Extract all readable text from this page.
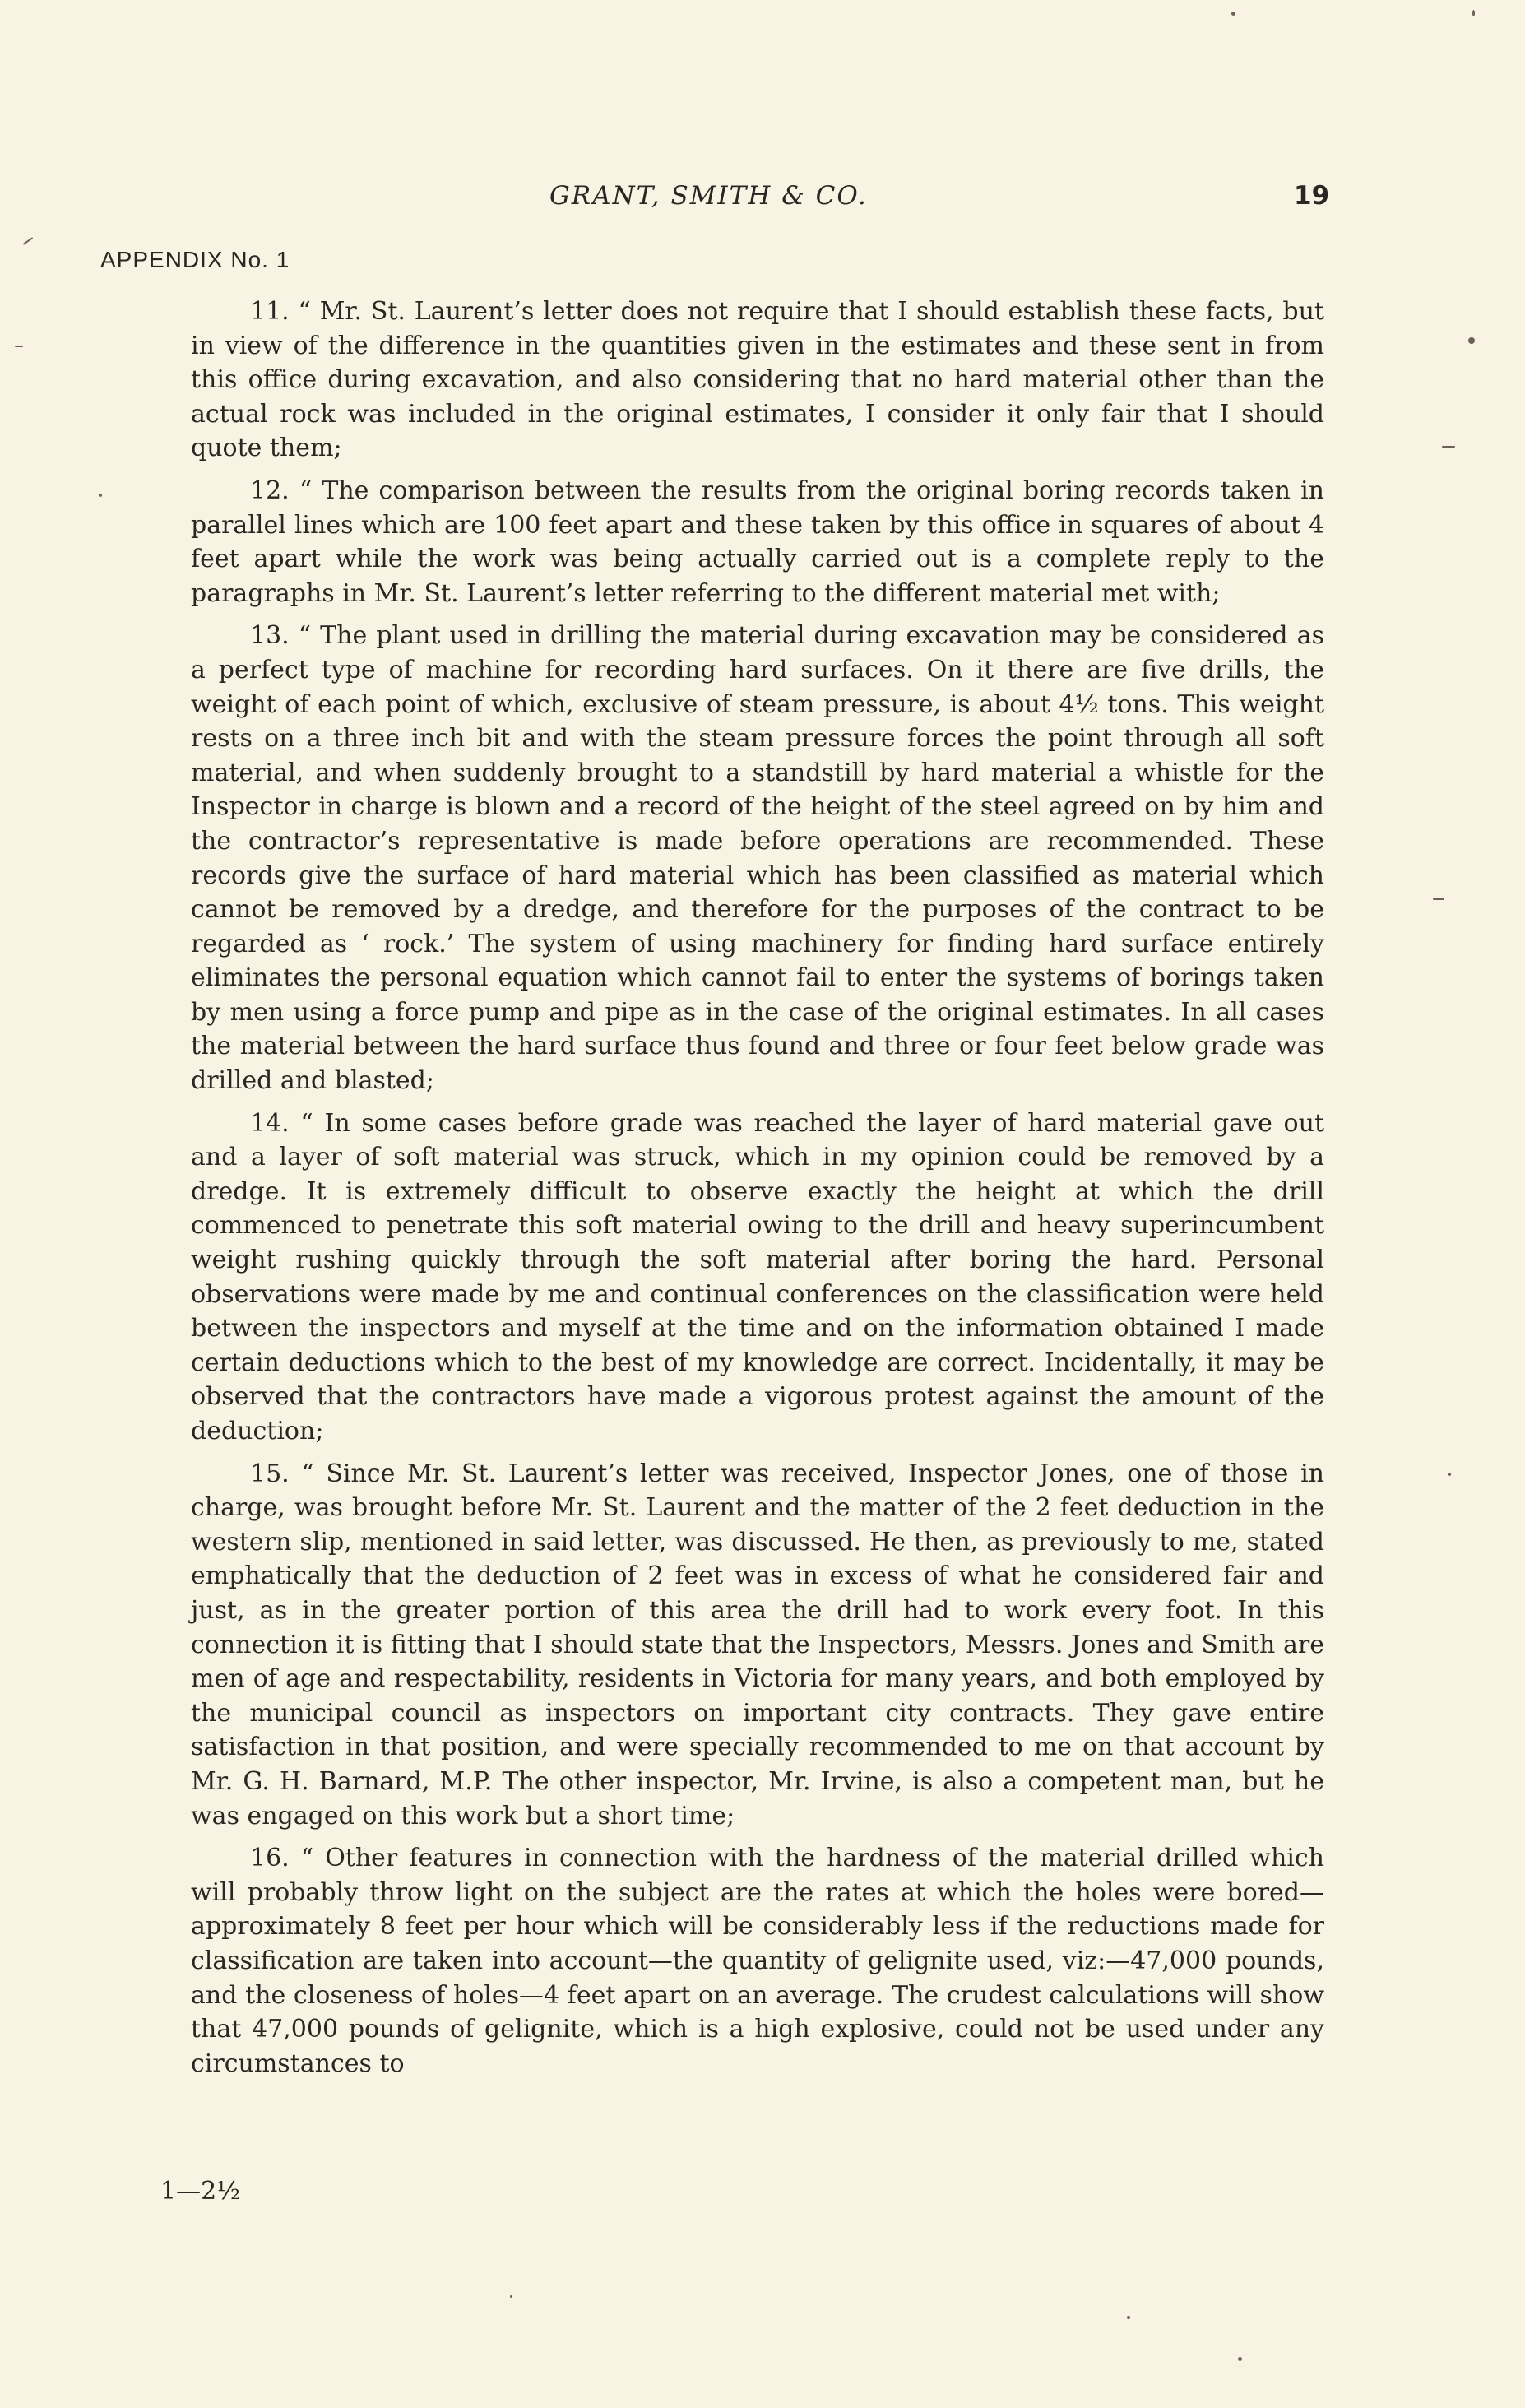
GRANT, SMITH & CO.	19
APPENDIX No. 1

11. “ Mr. St. Laurent’s letter does not require that I should establish these facts, but in view of the difference in the quantities given in the estimates and these sent in from this office during excavation, and also considering that no hard material other than the actual rock was included in the original estimates, I consider it only fair that I should quote them;

12. “ The comparison between the results from the original boring records taken in parallel lines which are 100 feet apart and these taken by this office in squares of about 4 feet apart while the work was being actually carried out is a complete reply to the paragraphs in Mr. St. Laurent’s letter referring to the different material met with;

13. “ The plant used in drilling the material during excavation may be considered as a perfect type of machine for recording hard surfaces. On it there are five drills, the weight of each point of which, exclusive of steam pressure, is about 4½ tons. This weight rests on a three inch bit and with the steam pressure forces the point through all soft material, and when suddenly brought to a standstill by hard material a whistle for the Inspector in charge is blown and a record of the height of the steel agreed on by him and the contractor’s representative is made before operations are recommended. These records give the surface of hard material which has been classified as material which cannot be removed by a dredge, and therefore for the purposes of the contract to be regarded as ‘ rock.’ The system of using machinery for finding hard surface entirely eliminates the personal equation which cannot fail to enter the systems of borings taken by men using a force pump and pipe as in the case of the original estimates. In all cases the material between the hard surface thus found and three or four feet below grade was drilled and blasted;

14. “ In some cases before grade was reached the layer of hard material gave out and a layer of soft material was struck, which in my opinion could be removed by a dredge. It is extremely difficult to observe exactly the height at which the drill commenced to penetrate this soft material owing to the drill and heavy superincumbent weight rushing quickly through the soft material after boring the hard. Personal observations were made by me and continual conferences on the classification were held between the inspectors and myself at the time and on the information obtained I made certain deductions which to the best of my knowledge are correct. Incidentally, it may be observed that the contractors have made a vigorous protest against the amount of the deduction;

15. “ Since Mr. St. Laurent’s letter was received, Inspector Jones, one of those in charge, was brought before Mr. St. Laurent and the matter of the 2 feet deduction in the western slip, mentioned in said letter, was discussed. He then, as previously to me, stated emphatically that the deduction of 2 feet was in excess of what he considered fair and just, as in the greater portion of this area the drill had to work every foot. In this connection it is fitting that I should state that the Inspectors, Messrs. Jones and Smith are men of age and respectability, residents in Victoria for many years, and both employed by the municipal council as inspectors on important city contracts. They gave entire satisfaction in that position, and were specially recommended to me on that account by Mr. G. H. Barnard, M.P. The other inspector, Mr. Irvine, is also a competent man, but he was engaged on this work but a short time;

16. “ Other features in connection with the hardness of the material drilled which will probably throw light on the subject are the rates at which the holes were bored—approximately 8 feet per hour which will be considerably less if the reductions made for classification are taken into account—the quantity of gelignite used, viz:—47,000 pounds, and the closeness of holes—4 feet apart on an average. The crudest calculations will show that 47,000 pounds of gelignite, which is a high explosive, could not be used under any circumstances to

1—2½
